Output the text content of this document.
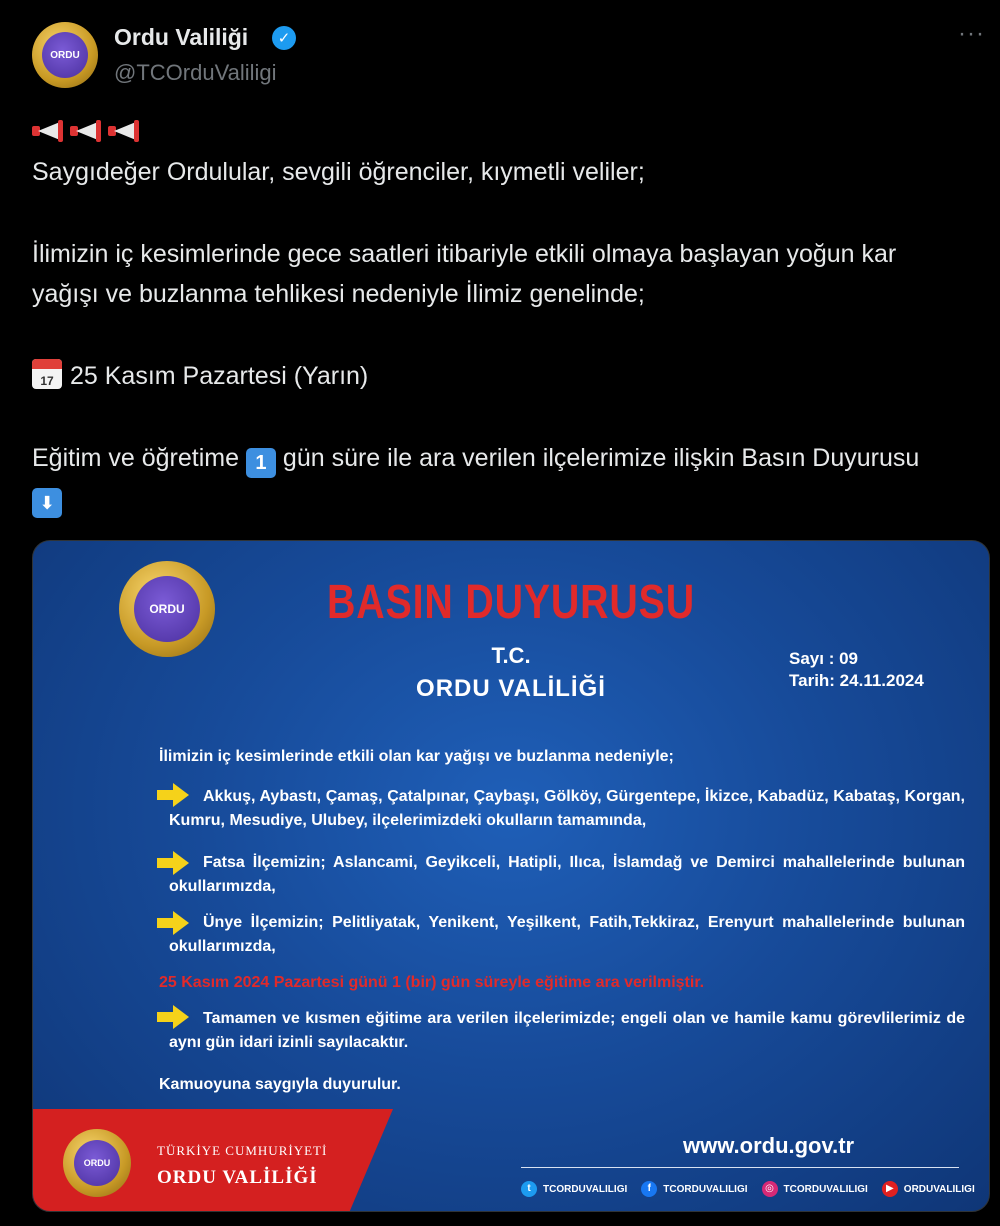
ORDU
Ordu Valiliği	✓
@TCOrduValiligi
···
Saygıdeğer Ordulular, sevgili öğrenciler, kıymetli veliler;
İlimizin iç kesimlerinde gece saatleri itibariyle etkili olmaya başlayan yoğun kar yağışı ve buzlanma tehlikesi nedeniyle İlimiz genelinde;
17 25 Kasım Pazartesi (Yarın)
Eğitim ve öğretime 1 gün süre ile ara verilen ilçelerimize ilişkin Basın Duyurusu ⬇
ORDU	BASIN DUYURUSU
T.C.
ORDU VALİLİĞİ
Sayı : 09
Tarih: 24.11.2024
İlimizin iç kesimlerinde etkili olan kar yağışı ve buzlanma nedeniyle;
Akkuş, Aybastı, Çamaş, Çatalpınar, Çaybaşı, Gölköy, Gürgentepe, İkizce, Kabadüz, Kabataş, Korgan, Kumru, Mesudiye, Ulubey, ilçelerimizdeki okulların tamamında,
Fatsa İlçemizin; Aslancami, Geyikceli, Hatipli, Ilıca, İslamdağ ve Demirci mahallelerinde bulunan okullarımızda,
Ünye İlçemizin; Pelitliyatak, Yenikent, Yeşilkent, Fatih,Tekkiraz, Erenyurt mahallelerinde bulunan okullarımızda,
25 Kasım 2024 Pazartesi günü 1 (bir) gün süreyle eğitime ara verilmiştir.
Tamamen ve kısmen eğitime ara verilen ilçelerimizde; engeli olan ve hamile kamu görevlilerimiz de aynı gün idari izinli sayılacaktır.
Kamuoyuna saygıyla duyurulur.
ORDU
TÜRKİYE CUMHURİYETİ
ORDU VALİLİĞİ
www.ordu.gov.tr
t	TCORDUVALILIGI	f	TCORDUVALILIGI	◎ TCORDUVALILIGI	▶	ORDUVALILIGI
